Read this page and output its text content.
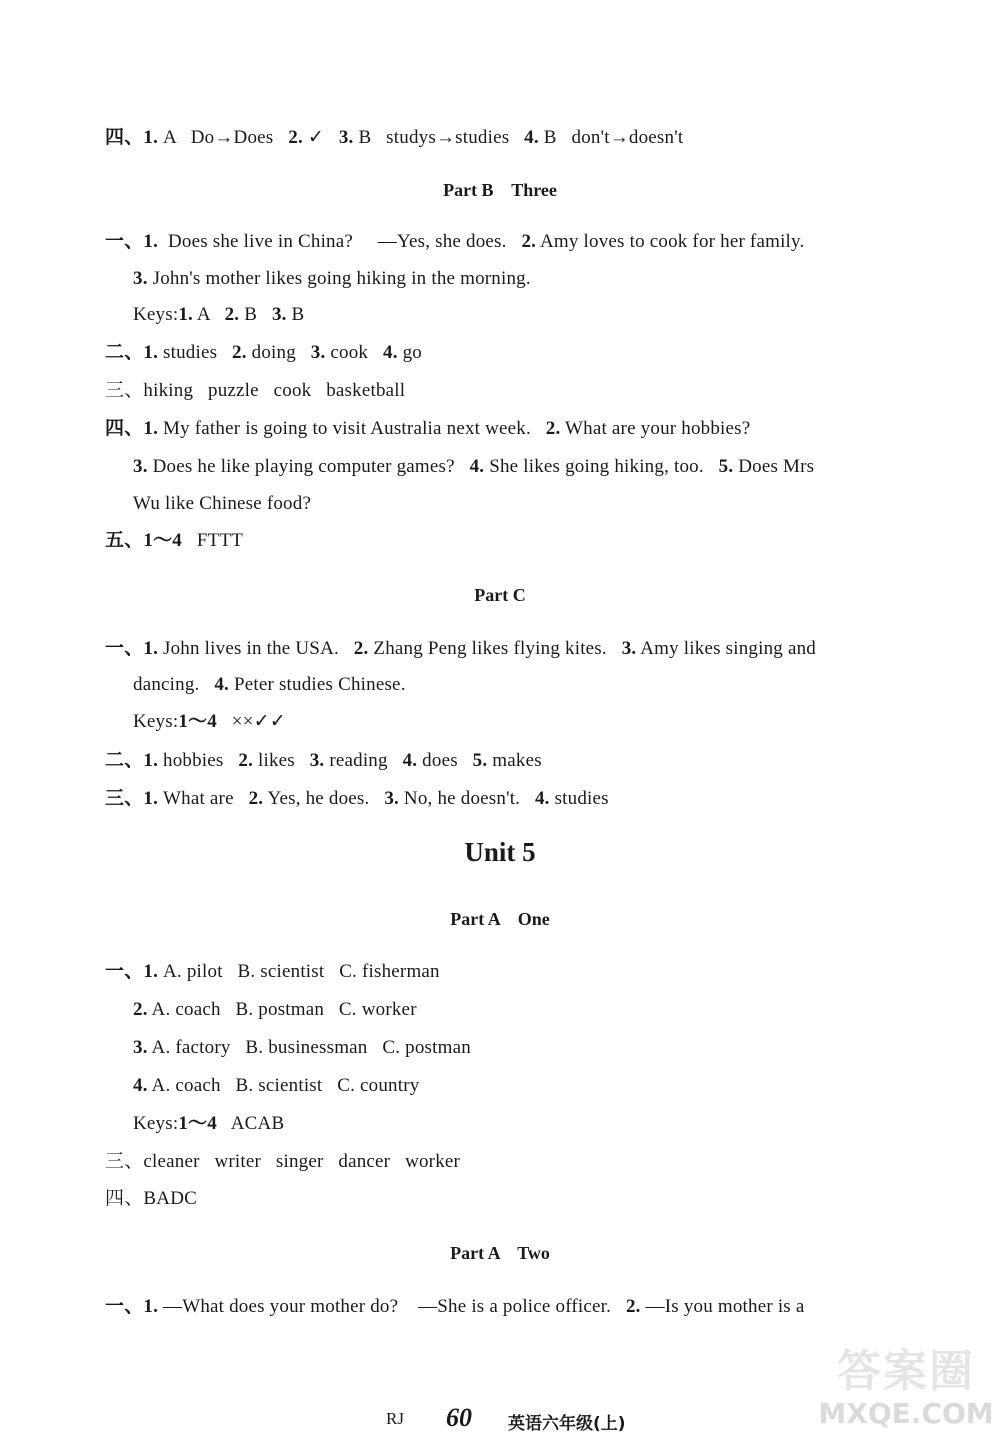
四、1. A   Do→Does   2. ✓   3. B   studys→studies   4. B   don't→doesn't
Part B    Three
一、1.  Does she live in China?     —Yes, she does.   2. Amy loves to cook for her family.
3. John's mother likes going hiking in the morning.
Keys:1. A   2. B   3. B
二、1. studies   2. doing   3. cook   4. go
三、hiking   puzzle   cook   basketball
四、1. My father is going to visit Australia next week.   2. What are your hobbies?
3. Does he like playing computer games?   4. She likes going hiking, too.   5. Does Mrs
Wu like Chinese food?
五、1～4   FTTT
Part C
一、1. John lives in the USA.   2. Zhang Peng likes flying kites.   3. Amy likes singing and
dancing.   4. Peter studies Chinese.
Keys:1～4   ××✓✓
二、1. hobbies   2. likes   3. reading   4. does   5. makes
三、1. What are   2. Yes, he does.   3. No, he doesn't.   4. studies
Unit 5
Part A    One
一、1. A. pilot   B. scientist   C. fisherman
2. A. coach   B. postman   C. worker
3. A. factory   B. businessman   C. postman
4. A. coach   B. scientist   C. country
Keys:1～4   ACAB
三、cleaner   writer   singer   dancer   worker
四、BADC
Part A    Two
一、1. —What does your mother do?    —She is a police officer.   2. —Is you mother is a
RJ 60 英语六年级(上)
答案圈
MXQE.COM
